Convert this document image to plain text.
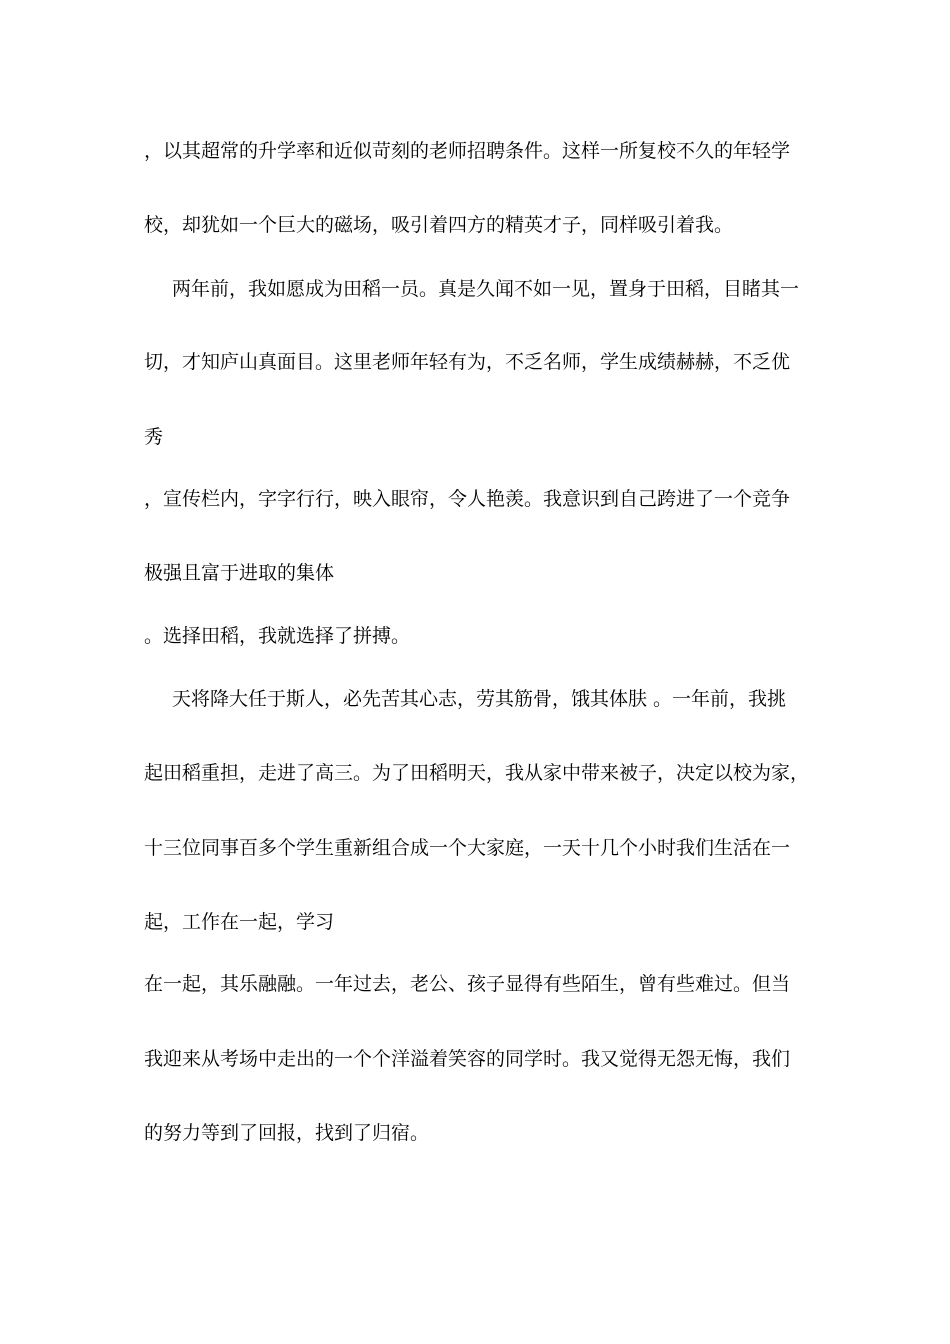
，以其超常的升学率和近似苛刻的老师招聘条件。这样一所复校不久的年轻学
校，却犹如一个巨大的磁场，吸引着四方的精英才子，同样吸引着我。
两年前，我如愿成为田稻一员。真是久闻不如一见，置身于田稻，目睹其一
切，才知庐山真面目。这里老师年轻有为，不乏名师，学生成绩赫赫，不乏优
秀
，宣传栏内，字字行行，映入眼帘，令人艳羡。我意识到自己跨进了一个竞争
极强且富于进取的集体
。选择田稻，我就选择了拼搏。
天将降大任于斯人，必先苦其心志，劳其筋骨，饿其体肤 。一年前，我挑
起田稻重担，走进了高三。为了田稻明天，我从家中带来被子，决定以校为家，
十三位同事百多个学生重新组合成一个大家庭，一天十几个小时我们生活在一
起，工作在一起，学习
在一起，其乐融融。一年过去，老公、孩子显得有些陌生，曾有些难过。但当
我迎来从考场中走出的一个个洋溢着笑容的同学时。我又觉得无怨无悔，我们
的努力等到了回报，找到了归宿。
